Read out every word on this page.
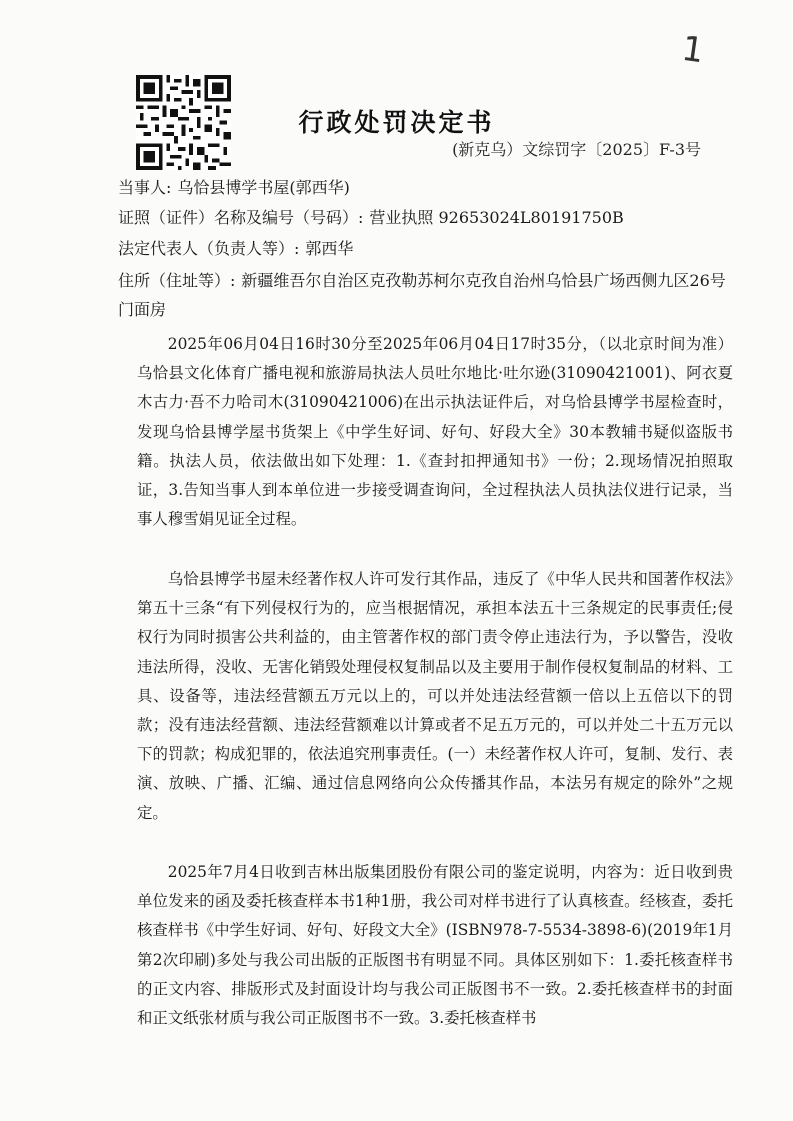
1
行政处罚决定书
(新克乌）文综罚字〔2025〕F-3号
当事人: 乌恰县博学书屋(郭西华)
证照（证件）名称及编号（号码）: 营业执照 92653024L80191750B
法定代表人（负责人等）: 郭西华
住所（住址等）: 新疆维吾尔自治区克孜勒苏柯尔克孜自治州乌恰县广场西侧九区26号门面房
2025年06月04日16时30分至2025年06月04日17时35分，（以北京时间为准）乌恰县文化体育广播电视和旅游局执法人员吐尔地比·吐尔逊(31090421001)、阿衣夏木古力·吾不力哈司木(31090421006)在出示执法证件后，对乌恰县博学书屋检查时，发现乌恰县博学屋书货架上《中学生好词、好句、好段大全》30本教辅书疑似盗版书籍。执法人员，依法做出如下处理：1.《查封扣押通知书》一份；2.现场情况拍照取证，3.告知当事人到本单位进一步接受调查询问，全过程执法人员执法仪进行记录，当事人穆雪娟见证全过程。
乌恰县博学书屋未经著作权人许可发行其作品，违反了《中华人民共和国著作权法》第五十三条“有下列侵权行为的，应当根据情况，承担本法五十三条规定的民事责任;侵权行为同时损害公共利益的，由主管著作权的部门责令停止违法行为，予以警告，没收违法所得，没收、无害化销毁处理侵权复制品以及主要用于制作侵权复制品的材料、工具、设备等，违法经营额五万元以上的，可以并处违法经营额一倍以上五倍以下的罚款；没有违法经营额、违法经营额难以计算或者不足五万元的，可以并处二十五万元以下的罚款；构成犯罪的，依法追究刑事责任。(一）未经著作权人许可，复制、发行、表演、放映、广播、汇编、通过信息网络向公众传播其作品，本法另有规定的除外”之规定。
2025年7月4日收到吉林出版集团股份有限公司的鉴定说明，内容为：近日收到贵单位发来的函及委托核查样本书1种1册，我公司对样书进行了认真核查。经核查，委托核查样书《中学生好词、好句、好段文大全》(ISBN978-7-5534-3898-6)(2019年1月第2次印刷)多处与我公司出版的正版图书有明显不同。具体区别如下：1.委托核查样书的正文内容、排版形式及封面设计均与我公司正版图书不一致。2.委托核查样书的封面和正文纸张材质与我公司正版图书不一致。3.委托核查样书
